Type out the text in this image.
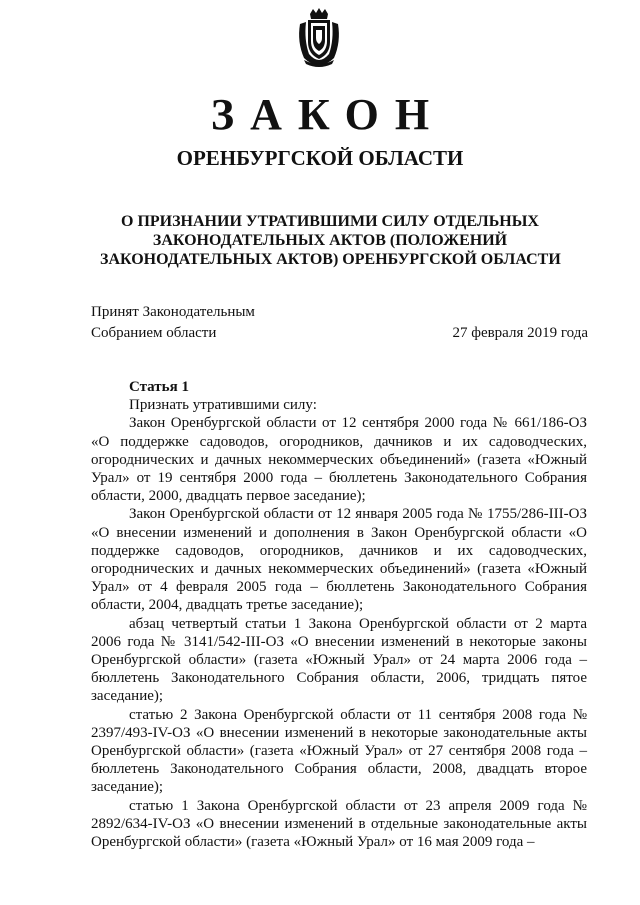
ЗАКОН
ОРЕНБУРГСКОЙ ОБЛАСТИ
О ПРИЗНАНИИ УТРАТИВШИМИ СИЛУ ОТДЕЛЬНЫХ
ЗАКОНОДАТЕЛЬНЫХ АКТОВ (ПОЛОЖЕНИЙ
ЗАКОНОДАТЕЛЬНЫХ АКТОВ) ОРЕНБУРГСКОЙ ОБЛАСТИ
Принят Законодательным
Собранием области	27 февраля 2019 года
Статья 1
Признать утратившими силу:
Закон Оренбургской области от 12 сентября 2000 года № 661/186-ОЗ «О поддержке садоводов, огородников, дачников и их садоводческих, огороднических и дачных некоммерческих объединений» (газета «Южный Урал» от 19 сентября 2000 года – бюллетень Законодательного Собрания области, 2000, двадцать первое заседание);
Закон Оренбургской области от 12 января 2005 года № 1755/286-III-ОЗ «О внесении изменений и дополнения в Закон Оренбургской области «О поддержке садоводов, огородников, дачников и их садоводческих, огороднических и дачных некоммерческих объединений» (газета «Южный Урал» от 4 февраля 2005 года – бюллетень Законодательного Собрания области, 2004, двадцать третье заседание);
абзац четвертый статьи 1 Закона Оренбургской области от 2 марта 2006 года № 3141/542-III-ОЗ «О внесении изменений в некоторые законы Оренбургской области» (газета «Южный Урал» от 24 марта 2006 года – бюллетень Законодательного Собрания области, 2006, тридцать пятое заседание);
статью 2 Закона Оренбургской области от 11 сентября 2008 года № 2397/493-IV-ОЗ «О внесении изменений в некоторые законодательные акты Оренбургской области» (газета «Южный Урал» от 27 сентября 2008 года – бюллетень Законодательного Собрания области, 2008, двадцать второе заседание);
статью 1 Закона Оренбургской области от 23 апреля 2009 года № 2892/634-IV-ОЗ «О внесении изменений в отдельные законодательные акты Оренбургской области» (газета «Южный Урал» от 16 мая 2009 года –
